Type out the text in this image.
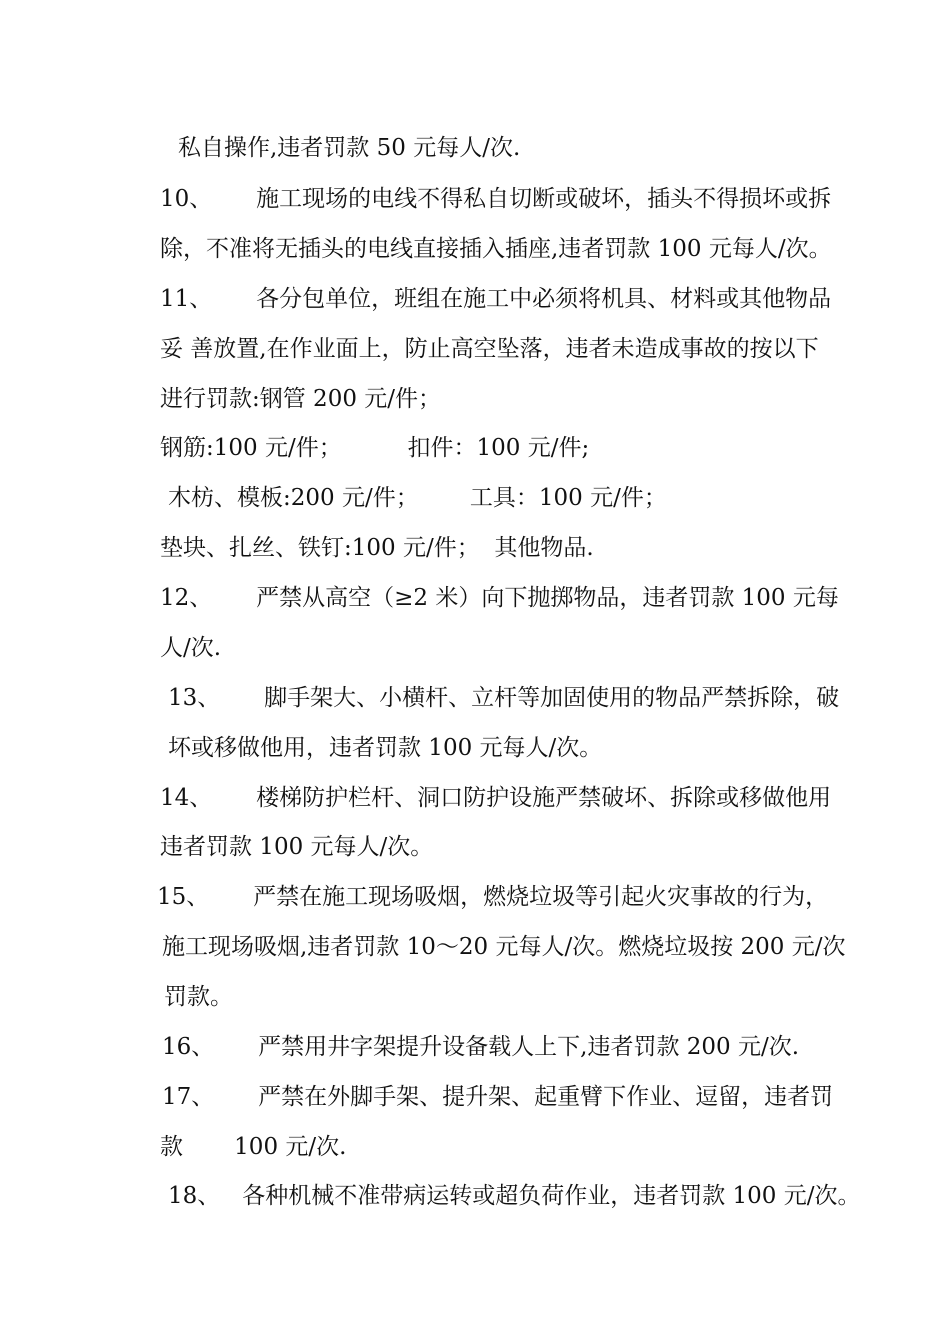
私自操作,违者罚款 50 元每人/次.
10、      施工现场的电线不得私自切断或破坏，插头不得损坏或拆
除，不准将无插头的电线直接插入插座,违者罚款 100 元每人/次。
11、      各分包单位，班组在施工中必须将机具、材料或其他物品
妥 善放置,在作业面上，防止高空坠落，违者未造成事故的按以下
进行罚款:钢管 200 元/件；
钢筋:100 元/件；         扣件：100 元/件;
木枋、模板:200 元/件；       工具：100 元/件；
垫块、扎丝、铁钉:100 元/件；  其他物品.
12、      严禁从高空（≥2 米）向下抛掷物品，违者罚款 100 元每
人/次.
13、      脚手架大、小横杆、立杆等加固使用的物品严禁拆除，破
坏或移做他用，违者罚款 100 元每人/次。
14、      楼梯防护栏杆、洞口防护设施严禁破坏、拆除或移做他用
违者罚款 100 元每人/次。
15、      严禁在施工现场吸烟，燃烧垃圾等引起火灾事故的行为，
施工现场吸烟,违者罚款 10～20 元每人/次。燃烧垃圾按 200 元/次
罚款。
16、      严禁用井字架提升设备载人上下,违者罚款 200 元/次.
17、      严禁在外脚手架、提升架、起重臂下作业、逗留，违者罚
款       100 元/次.
18、   各种机械不准带病运转或超负荷作业，违者罚款 100 元/次。
